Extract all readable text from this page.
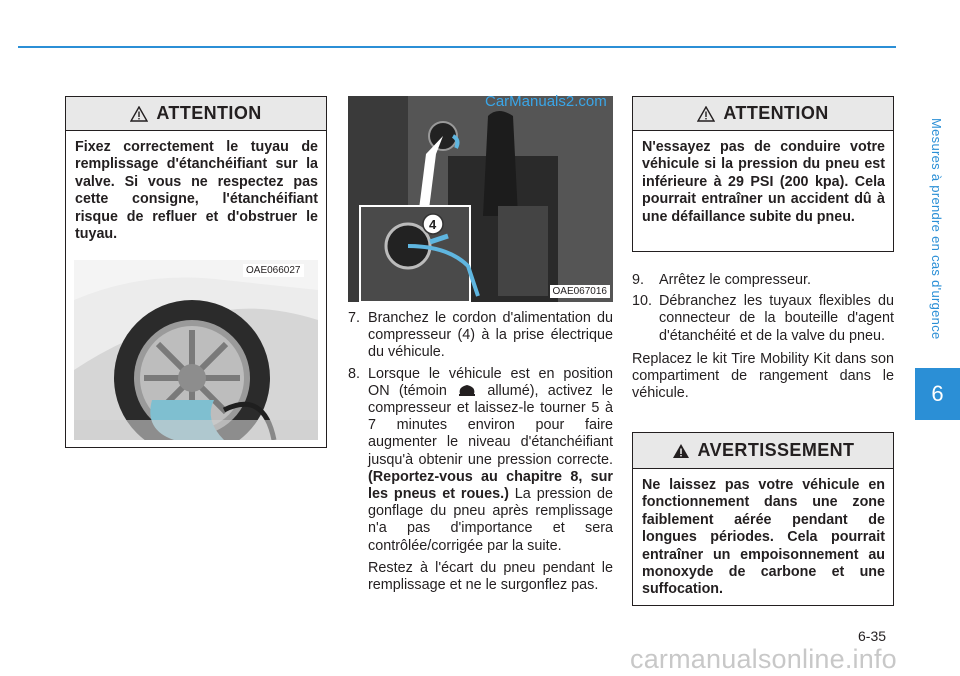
Mesures à prendre en cas d'urgence
6
ATTENTION
Fixez correctement le tuyau de remplissage d'étanchéifiant sur la valve. Si vous ne respectez pas cette consigne, l'étanchéifiant risque de refluer et d'obstruer le tuyau.
OAE066027
4
OAE067016
CarManuals2.com
7. Branchez le cordon d'alimentation du compresseur (4) à la prise électrique du véhicule.

8. Lorsque le véhicule est en position ON (témoin	allumé), activez le compresseur et laissez-le tourner 5 à 7 minutes environ pour faire augmenter le niveau d'étanchéifiant jusqu'à obtenir une pression correcte. (Reportez-vous au chapitre 8, sur les pneus et roues.) La pression de gonflage du pneu après remplissage n'a pas d'importance et sera contrôlée/corrigée par la suite.

Restez à l'écart du pneu pendant le remplissage et ne le surgonflez pas.

ATTENTION
N'essayez pas de conduire votre véhicule si la pression du pneu est inférieure à 29 PSI (200 kpa). Cela pourrait entraîner un accident dû à une défaillance subite du pneu.
9. Arrêtez le compresseur.

10. Débranchez les tuyaux flexibles du connecteur de la bouteille d'agent d'étanchéité et de la valve du pneu.

Replacez le kit Tire Mobility Kit dans son compartiment de rangement dans le véhicule.

AVERTISSEMENT
Ne laissez pas votre véhicule en fonctionnement dans une zone faiblement aérée pendant de longues périodes. Cela pourrait entraîner un empoisonnement au monoxyde de carbone et une suffocation.
6-35
carmanualsonline.info
